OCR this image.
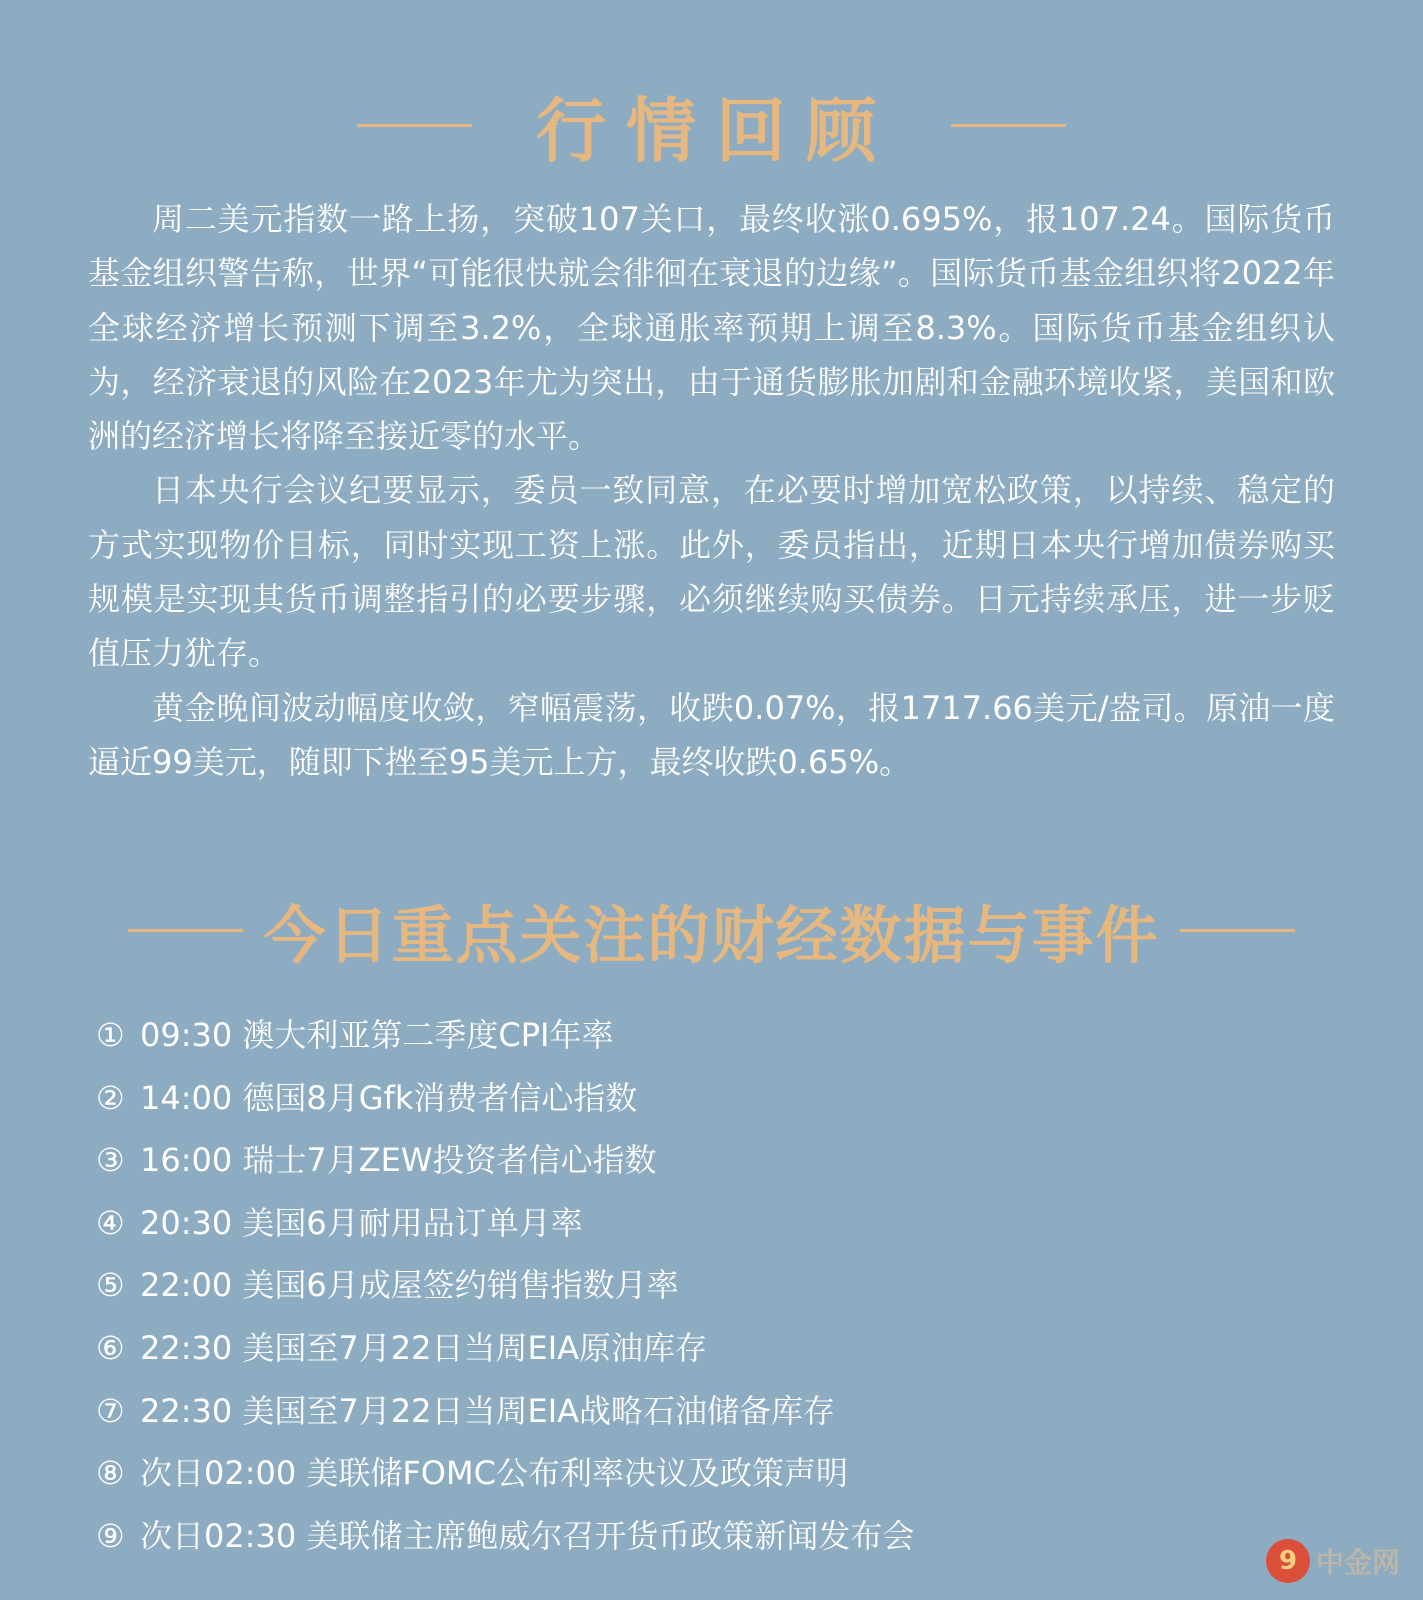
行情回顾

周二美元指数一路上扬，突破107关口，最终收涨0.695%，报107.24。国际货币基金组织警告称，世界“可能很快就会徘徊在衰退的边缘”。国际货币基金组织将2022年全球经济增长预测下调至3.2%，全球通胀率预期上调至8.3%。国际货币基金组织认为，经济衰退的风险在2023年尤为突出，由于通货膨胀加剧和金融环境收紧，美国和欧洲的经济增长将降至接近零的水平。

日本央行会议纪要显示，委员一致同意，在必要时增加宽松政策，以持续、稳定的方式实现物价目标，同时实现工资上涨。此外，委员指出，近期日本央行增加债券购买规模是实现其货币调整指引的必要步骤，必须继续购买债券。日元持续承压，进一步贬值压力犹存。

黄金晚间波动幅度收敛，窄幅震荡，收跌0.07%，报1717.66美元/盎司。原油一度逼近99美元，随即下挫至95美元上方，最终收跌0.65%。

今日重点关注的财经数据与事件
① 09:30 澳大利亚第二季度CPI年率
② 14:00 德国8月Gfk消费者信心指数
③ 16:00 瑞士7月ZEW投资者信心指数
④ 20:30 美国6月耐用品订单月率
⑤ 22:00 美国6月成屋签约销售指数月率
⑥ 22:30 美国至7月22日当周EIA原油库存
⑦ 22:30 美国至7月22日当周EIA战略石油储备库存
⑧ 次日02:00 美联储FOMC公布利率决议及政策声明
⑨ 次日02:30 美联储主席鲍威尔召开货币政策新闻发布会
9 中金网
